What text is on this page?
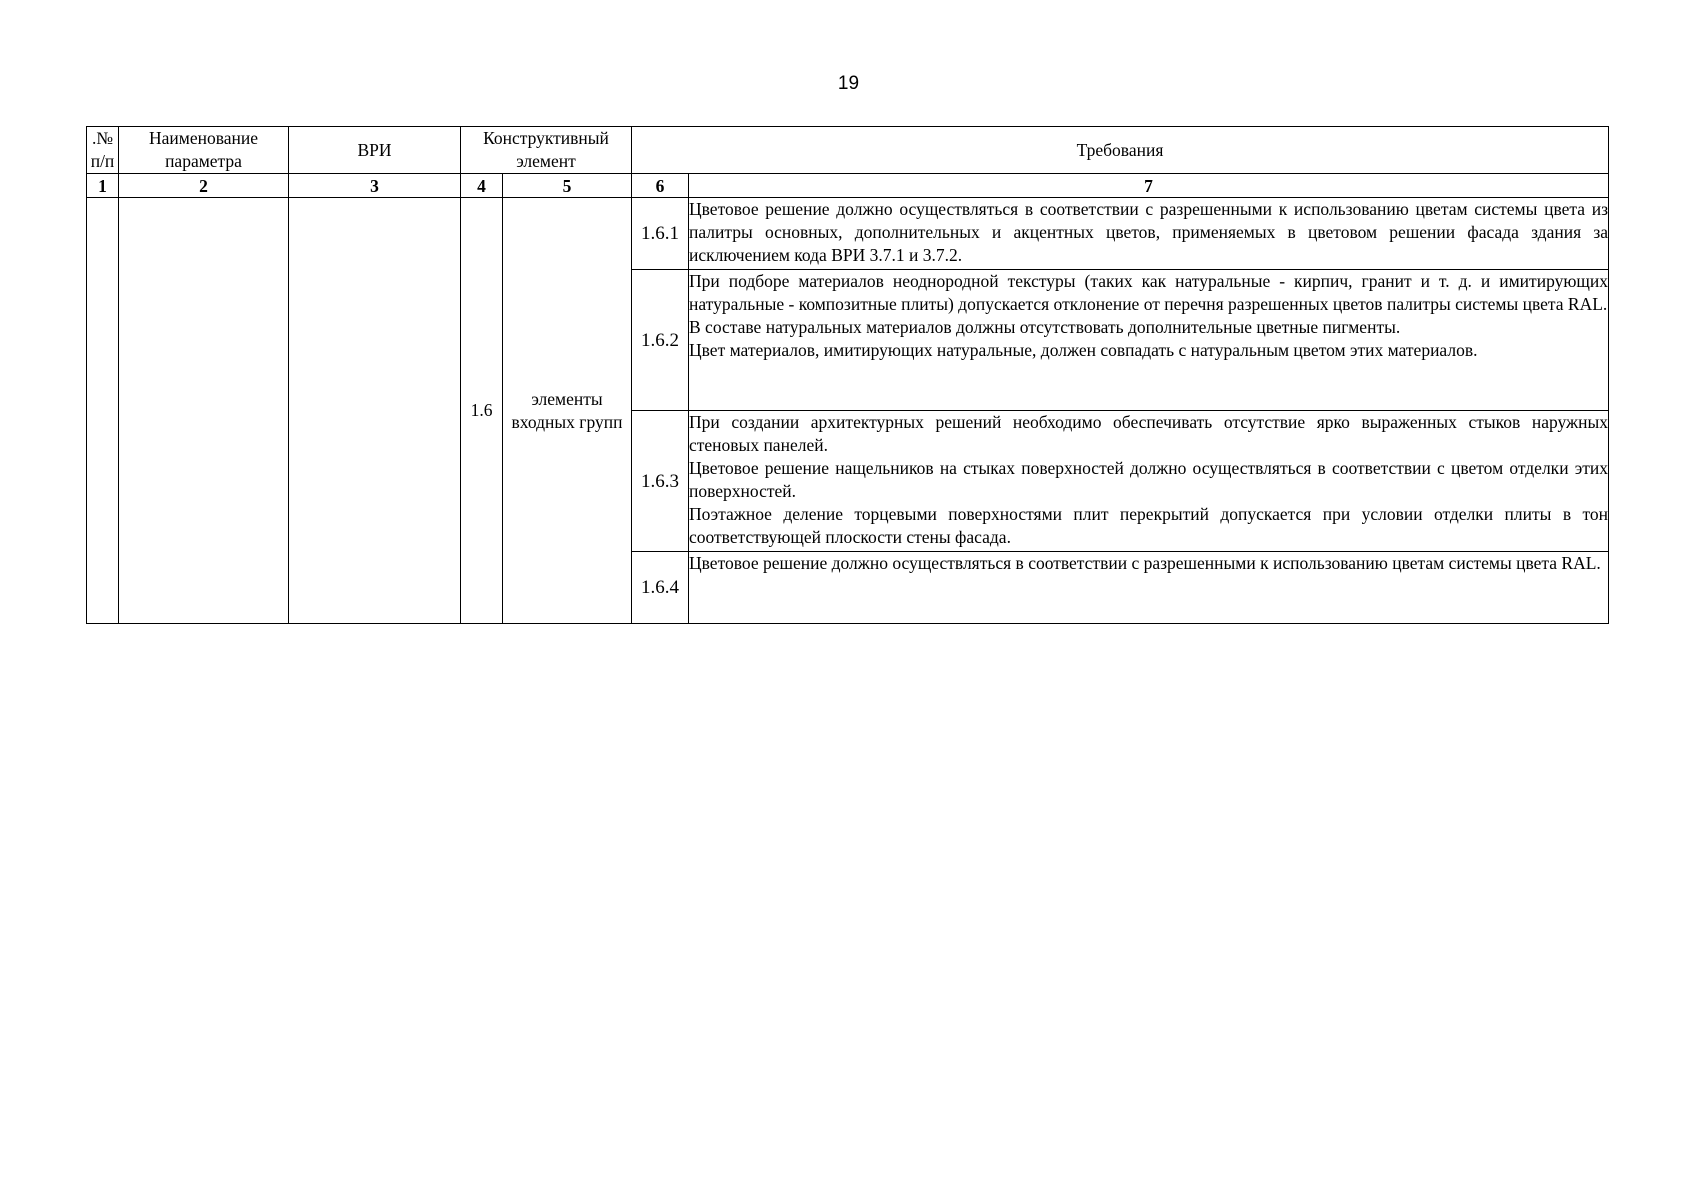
19
.№ п/п	Наименование параметра	ВРИ	Конструктивный элемент		Требования	
1	2	3	4	5	6	7
			1.6	элементы входных групп	1.6.1	Цветовое решение должно осуществляться в соответствии с разрешенными к использованию цветам системы цвета из палитры основных, дополнительных и акцентных цветов, применяемых в цветовом решении фасада здания за исключением кода ВРИ 3.7.1 и 3.7.2.

					1.6.2	При подборе материалов неоднородной текстуры (таких как натуральные - кирпич, гранит и т. д. и имитирующих натуральные - композитные плиты) допускается отклонение от перечня разрешенных цветов палитры системы цвета RAL.

В составе натуральных материалов должны отсутствовать дополнительные цветные пигменты.

Цвет материалов, имитирующих натуральные, должен совпадать с натуральным цветом этих материалов.

					1.6.3	При создании архитектурных решений необходимо обеспечивать отсутствие ярко выраженных стыков наружных стеновых панелей.

Цветовое решение нащельников на стыках поверхностей должно осуществляться в соответствии с цветом отделки этих поверхностей.

Поэтажное деление торцевыми поверхностями плит перекрытий допускается при условии отделки плиты в тон соответствующей плоскости стены фасада.

					1.6.4	Цветовое решение должно осуществляться в соответствии с разрешенными к использованию цветам системы цвета RAL.
